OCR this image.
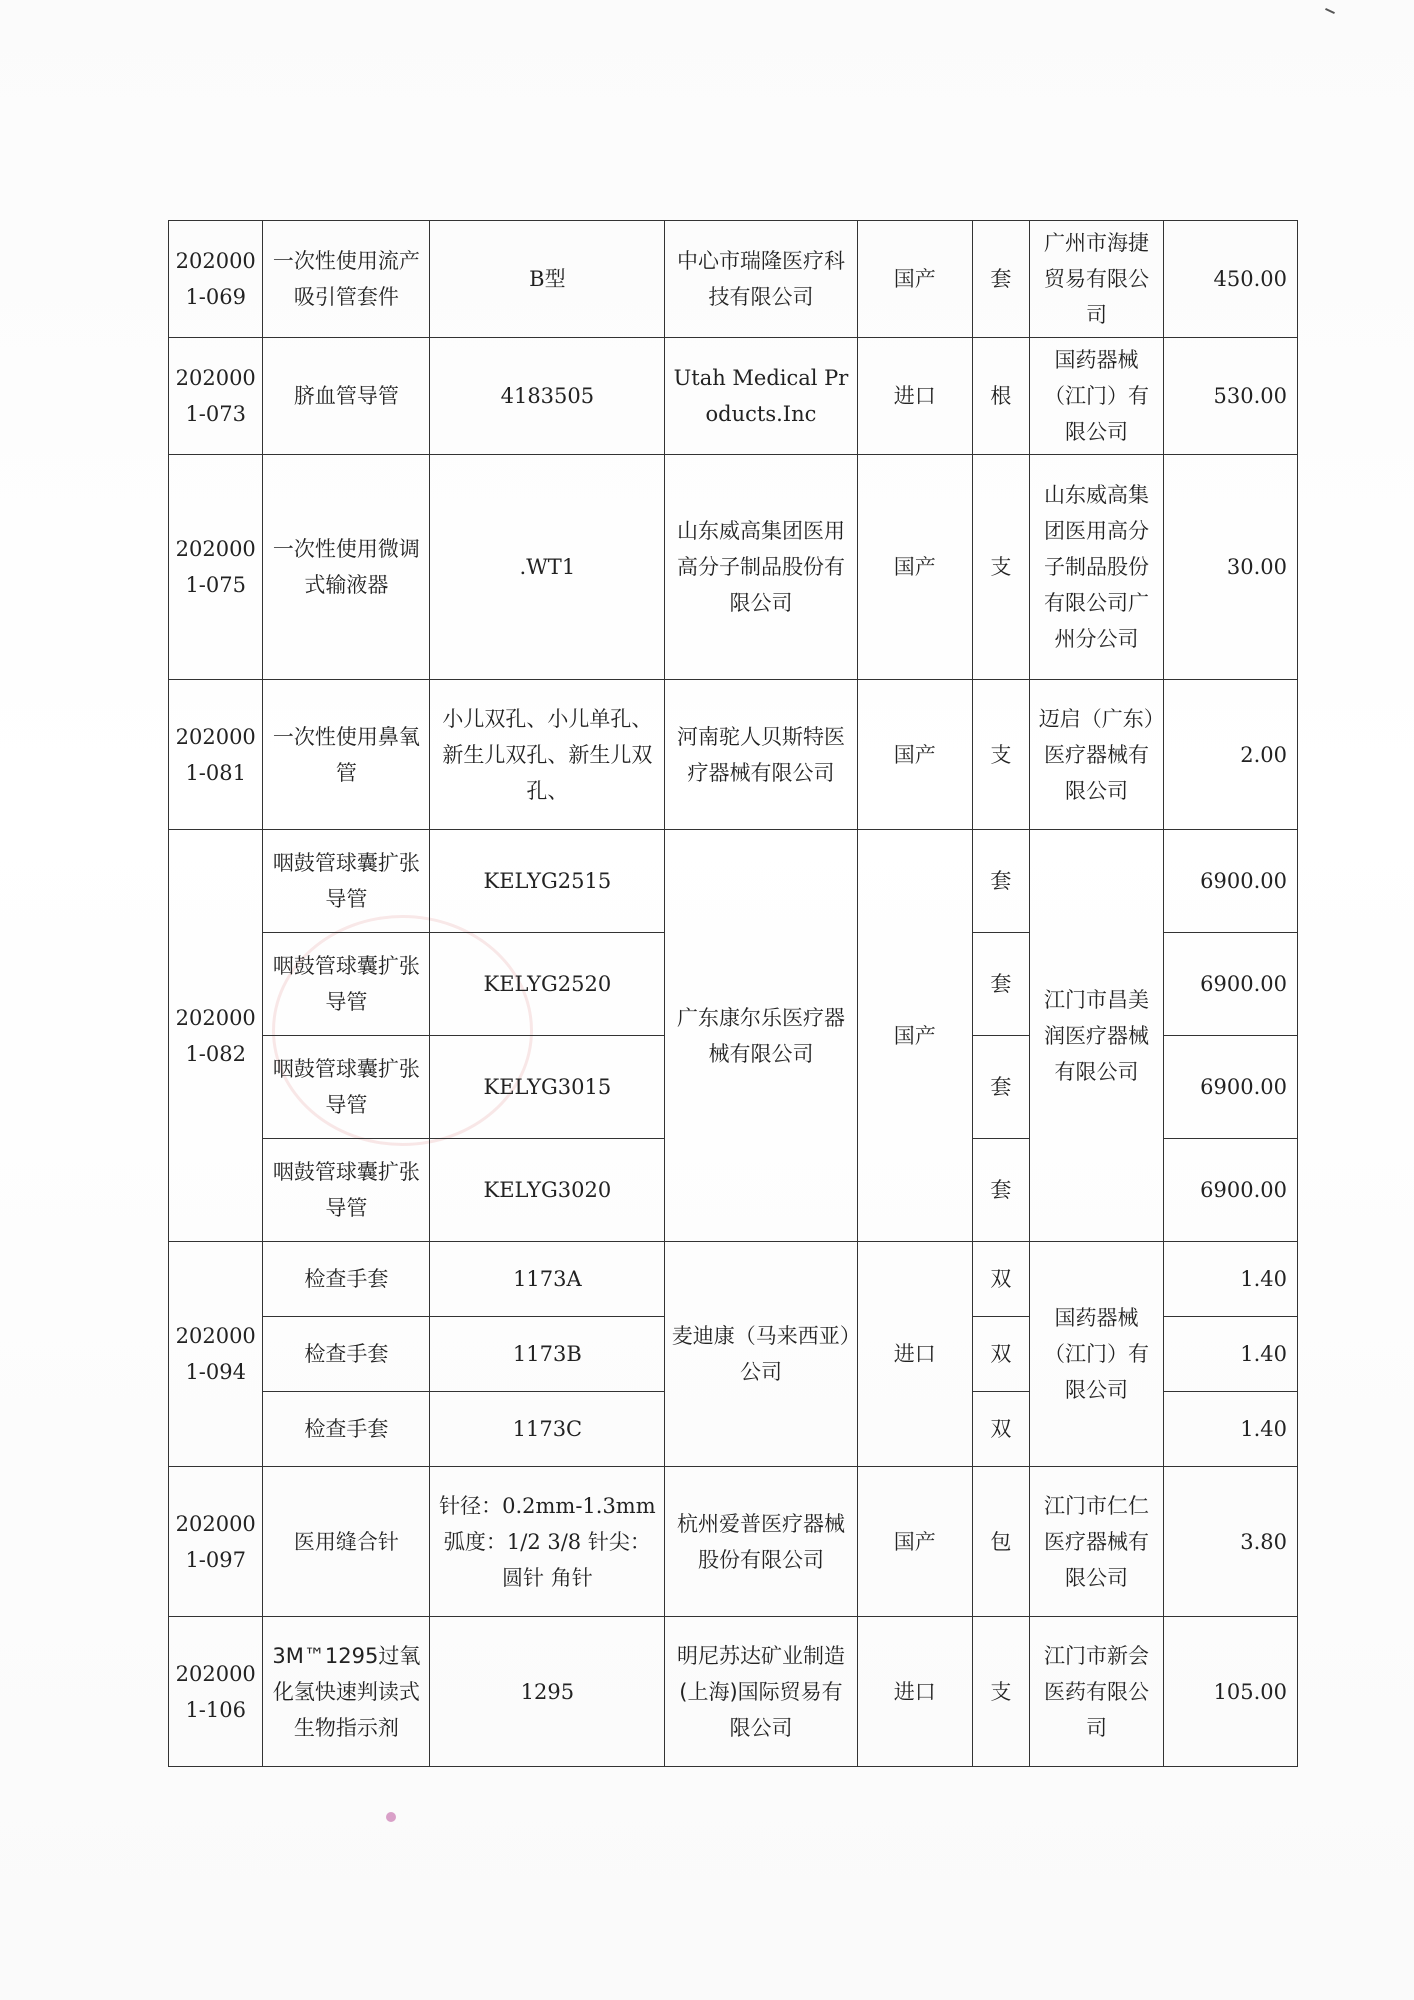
2020001-069	一次性使用流产吸引管套件	B型	中心市瑞隆医疗科技有限公司	国产	套	广州市海捷贸易有限公司	450.00
2020001-073	脐血管导管	4183505	Utah Medical Products.Inc	进口	根	国药器械（江门）有限公司	530.00
2020001-075	一次性使用微调式输液器	.WT1	山东威高集团医用高分子制品股份有限公司	国产	支	山东威高集团医用高分子制品股份有限公司广州分公司	30.00
2020001-081	一次性使用鼻氧管	小儿双孔、小儿单孔、新生儿双孔、新生儿双孔、	河南驼人贝斯特医疗器械有限公司	国产	支	迈启（广东）医疗器械有限公司	2.00
2020001-082	咽鼓管球囊扩张导管	KELYG2515	广东康尔乐医疗器械有限公司	国产	套	江门市昌美润医疗器械有限公司	6900.00
	咽鼓管球囊扩张导管	KELYG2520			套		6900.00
	咽鼓管球囊扩张导管	KELYG3015			套		6900.00
	咽鼓管球囊扩张导管	KELYG3020			套		6900.00
2020001-094	检查手套	1173A	麦迪康（马来西亚）公司	进口	双	国药器械（江门）有限公司	1.40
	检查手套	1173B			双		1.40
	检查手套	1173C			双		1.40
2020001-097	医用缝合针	针径：0.2mm-1.3mm 弧度：1/2 3/8 针尖：圆针 角针	杭州爱普医疗器械股份有限公司	国产	包	江门市仁仁医疗器械有限公司	3.80
2020001-106	3M™1295过氧化氢快速判读式生物指示剂	1295	明尼苏达矿业制造(上海)国际贸易有限公司	进口	支	江门市新会医药有限公司	105.00
